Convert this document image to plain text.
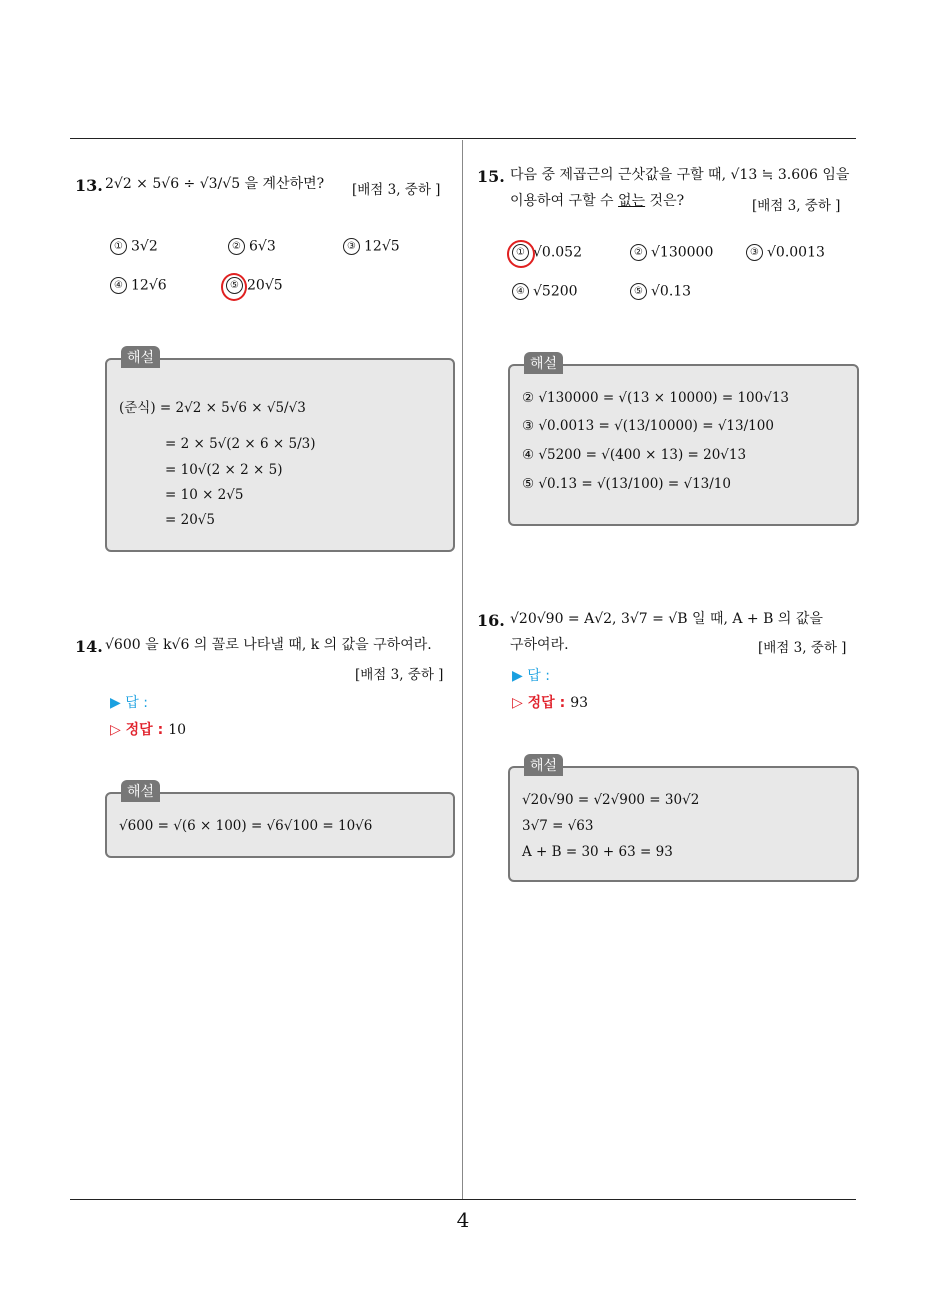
4
13. 2√2 × 5√6 ÷ √3/√5 을 계산하면? [배점 3, 중하 ]
① 3√2	② 6√3	③ 12√5
④ 12√6	⑤ 20√5
해설
(준식) = 2√2 × 5√6 × √5/√3
= 2 × 5√(2 × 6 × 5/3)
= 10√(2 × 2 × 5)
= 10 × 2√5
= 20√5
14. √600 을 k√6 의 꼴로 나타낼 때, k 의 값을 구하여라.
[배점 3, 중하 ]
▶ 답 :
▷ 정답 : 10
해설
√600 = √(6 × 100) = √6√100 = 10√6
15. 다음 중 제곱근의 근삿값을 구할 때, √13 ≒ 3.606 임을
이용하여 구할 수 없는 것은?	[배점 3, 중하 ]
① √0.052	② √130000	③ √0.0013
④ √5200	⑤ √0.13
해설
② √130000 = √(13 × 10000) = 100√13
③ √0.0013 = √(13/10000) = √13/100
④ √5200 = √(400 × 13) = 20√13
⑤ √0.13 = √(13/100) = √13/10
16. √20√90 = A√2, 3√7 = √B 일 때, A + B 의 값을
구하여라.	[배점 3, 중하 ]
▶ 답 :
▷ 정답 : 93
해설
√20√90 = √2√900 = 30√2
3√7 = √63
A + B = 30 + 63 = 93
